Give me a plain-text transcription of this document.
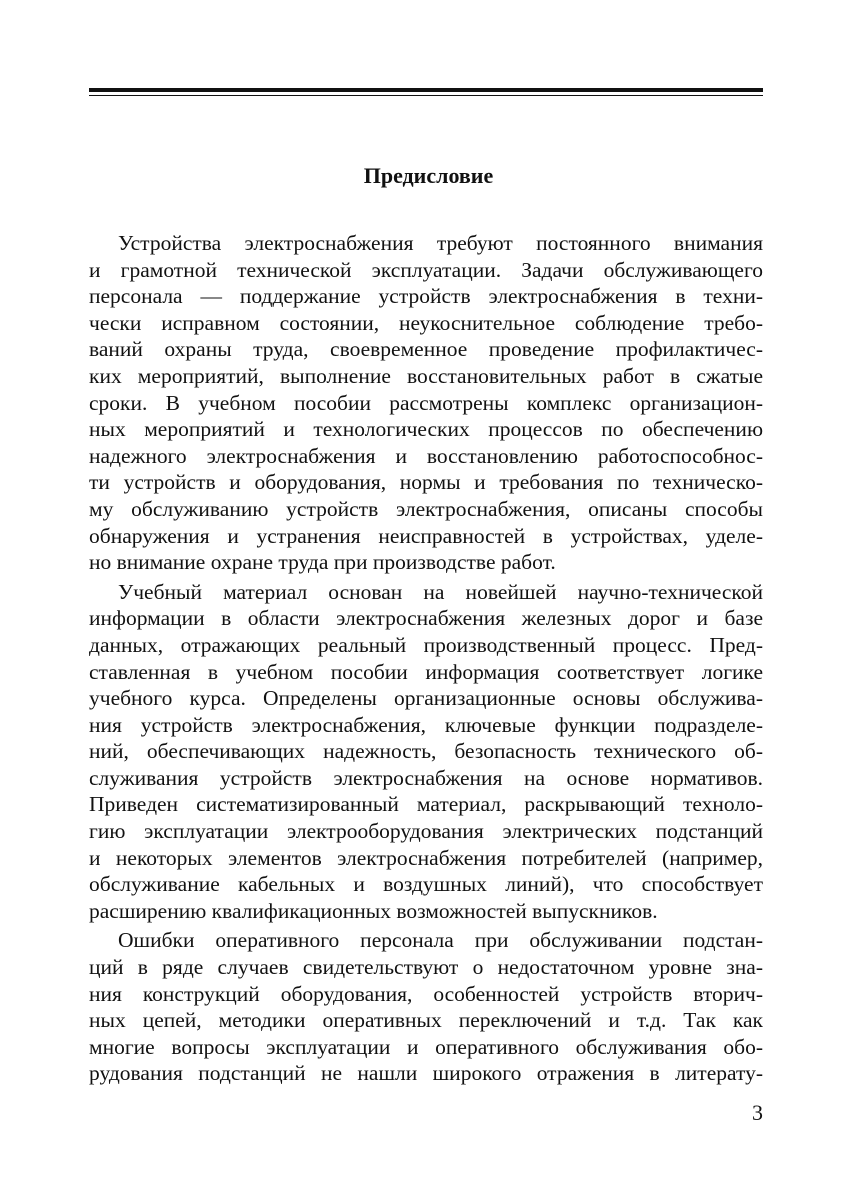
Предисловие
Устройства электроснабжения требуют постоянного внимания
и грамотной технической эксплуатации. Задачи обслуживающего
персонала — поддержание устройств электроснабжения в техни-
чески исправном состоянии, неукоснительное соблюдение требо-
ваний охраны труда, своевременное проведение профилактичес-
ких мероприятий, выполнение восстановительных работ в сжатые
сроки. В учебном пособии рассмотрены комплекс организацион-
ных мероприятий и технологических процессов по обеспечению
надежного электроснабжения и восстановлению работоспособнос-
ти устройств и оборудования, нормы и требования по техническо-
му обслуживанию устройств электроснабжения, описаны способы
обнаружения и устранения неисправностей в устройствах, уделе-
но внимание охране труда при производстве работ.
Учебный материал основан на новейшей научно-технической
информации в области электроснабжения железных дорог и базе
данных, отражающих реальный производственный процесс. Пред-
ставленная в учебном пособии информация соответствует логике
учебного курса. Определены организационные основы обслужива-
ния устройств электроснабжения, ключевые функции подразделе-
ний, обеспечивающих надежность, безопасность технического об-
служивания устройств электроснабжения на основе нормативов.
Приведен систематизированный материал, раскрывающий техноло-
гию эксплуатации электрооборудования электрических подстанций
и некоторых элементов электроснабжения потребителей (например,
обслуживание кабельных и воздушных линий), что способствует
расширению квалификационных возможностей выпускников.
Ошибки оперативного персонала при обслуживании подстан-
ций в ряде случаев свидетельствуют о недостаточном уровне зна-
ния конструкций оборудования, особенностей устройств вторич-
ных цепей, методики оперативных переключений и т.д. Так как
многие вопросы эксплуатации и оперативного обслуживания обо-
рудования подстанций не нашли широкого отражения в литерату-
3
